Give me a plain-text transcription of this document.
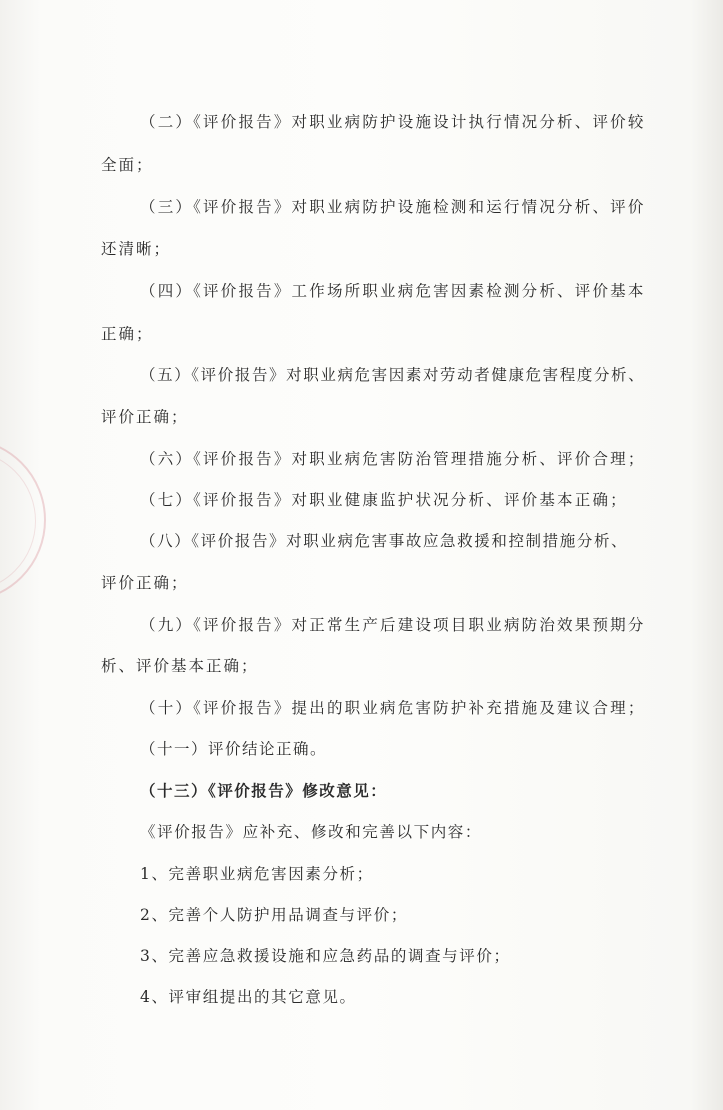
（二）《评价报告》对职业病防护设施设计执行情况分析、评价较
全面；
（三）《评价报告》对职业病防护设施检测和运行情况分析、评价
还清晰；
（四）《评价报告》工作场所职业病危害因素检测分析、评价基本
正确；
（五）《评价报告》对职业病危害因素对劳动者健康危害程度分析、
评价正确；
（六）《评价报告》对职业病危害防治管理措施分析、评价合理；
（七）《评价报告》对职业健康监护状况分析、评价基本正确；
（八）《评价报告》对职业病危害事故应急救援和控制措施分析、
评价正确；
（九）《评价报告》对正常生产后建设项目职业病防治效果预期分
析、评价基本正确；
（十）《评价报告》提出的职业病危害防护补充措施及建议合理；
（十一）评价结论正确。
（十三）《评价报告》修改意见：
《评价报告》应补充、修改和完善以下内容：
1、完善职业病危害因素分析；
2、完善个人防护用品调查与评价；
3、完善应急救援设施和应急药品的调查与评价；
4、评审组提出的其它意见。
